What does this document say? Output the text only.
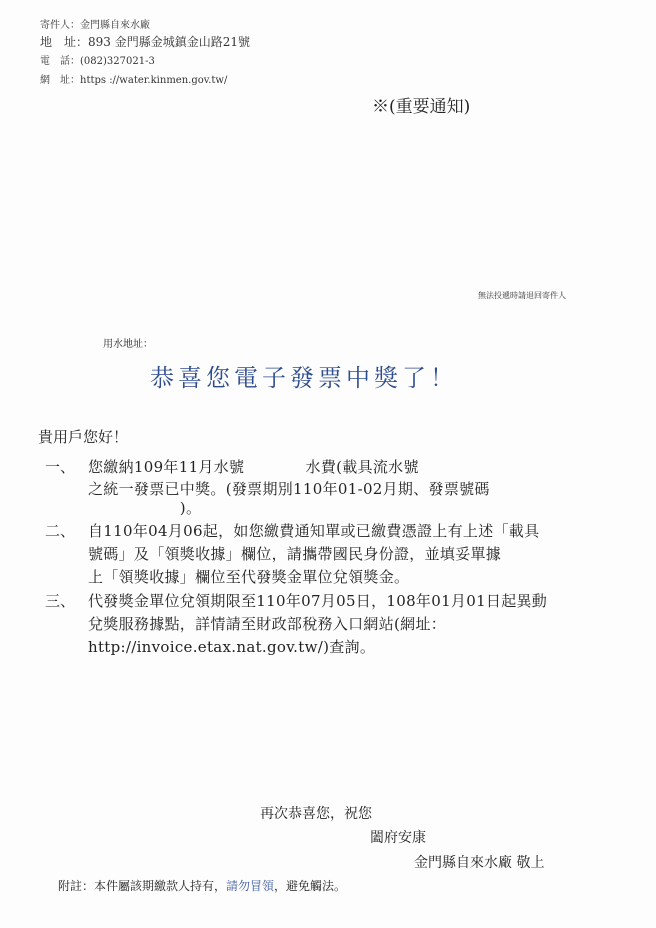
寄件人：金門縣自來水廠
地　址：893 金門縣金城鎮金山路21號
電　話：(082)327021-3
網　址：https ://water.kinmen.gov.tw/
※(重要通知)
無法投遞時請退回寄件人
用水地址：
恭喜您電子發票中獎了！
貴用戶您好！
一、 您繳納109年11月水號　　　　水費(載具流水號
之統一發票已中獎。(發票期別110年01-02月期、發票號碼
　　　　　　)。
二、 自110年04月06起，如您繳費通知單或已繳費憑證上有上述「載具
號碼」及「領獎收據」欄位，請攜帶國民身份證，並填妥單據
上「領獎收據」欄位至代發獎金單位兌領獎金。
三、 代發獎金單位兌領期限至110年07月05日，108年01月01日起異動
兌獎服務據點，詳情請至財政部稅務入口網站(網址：
http://invoice.etax.nat.gov.tw/)查詢。
再次恭喜您，祝您
闔府安康
金門縣自來水廠 敬上
附註：本件屬該期繳款人持有，請勿冒領，避免觸法。
